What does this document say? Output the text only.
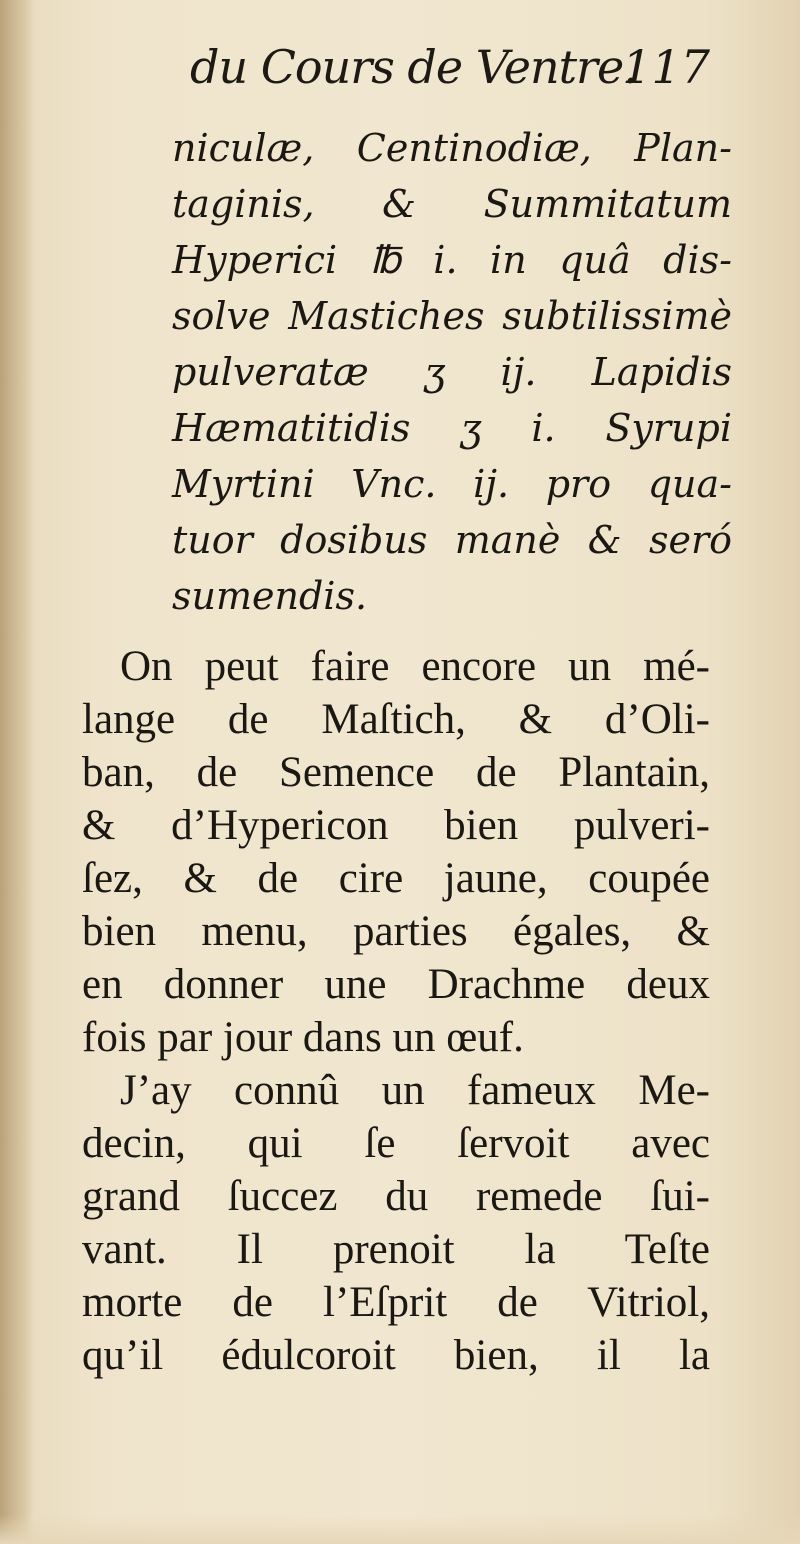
du Cours de Ventre.
117
niculæ, Centinodiæ, Plan-
taginis, & Summitatum
Hyperici ℔ i. in quâ dis-
solve Mastiches subtilissimè
pulveratæ ʒ ij. Lapidis
Hæmatitidis ʒ i. Syrupi
Myrtini Vnc. ij. pro qua-
tuor dosibus manè & seró
sumendis.
On peut faire encore un mé-
lange de Maſtich, & d’Oli-
ban, de Semence de Plantain,
& d’Hypericon bien pulveri-
ſez, & de cire jaune, coupée
bien menu, parties égales, &
en donner une Drachme deux
fois par jour dans un œuf.
J’ay connû un fameux Me-
decin, qui ſe ſervoit avec
grand ſuccez du remede ſui-
vant. Il prenoit la Teſte
morte de l’Eſprit de Vitriol,
qu’il édulcoroit bien, il la
